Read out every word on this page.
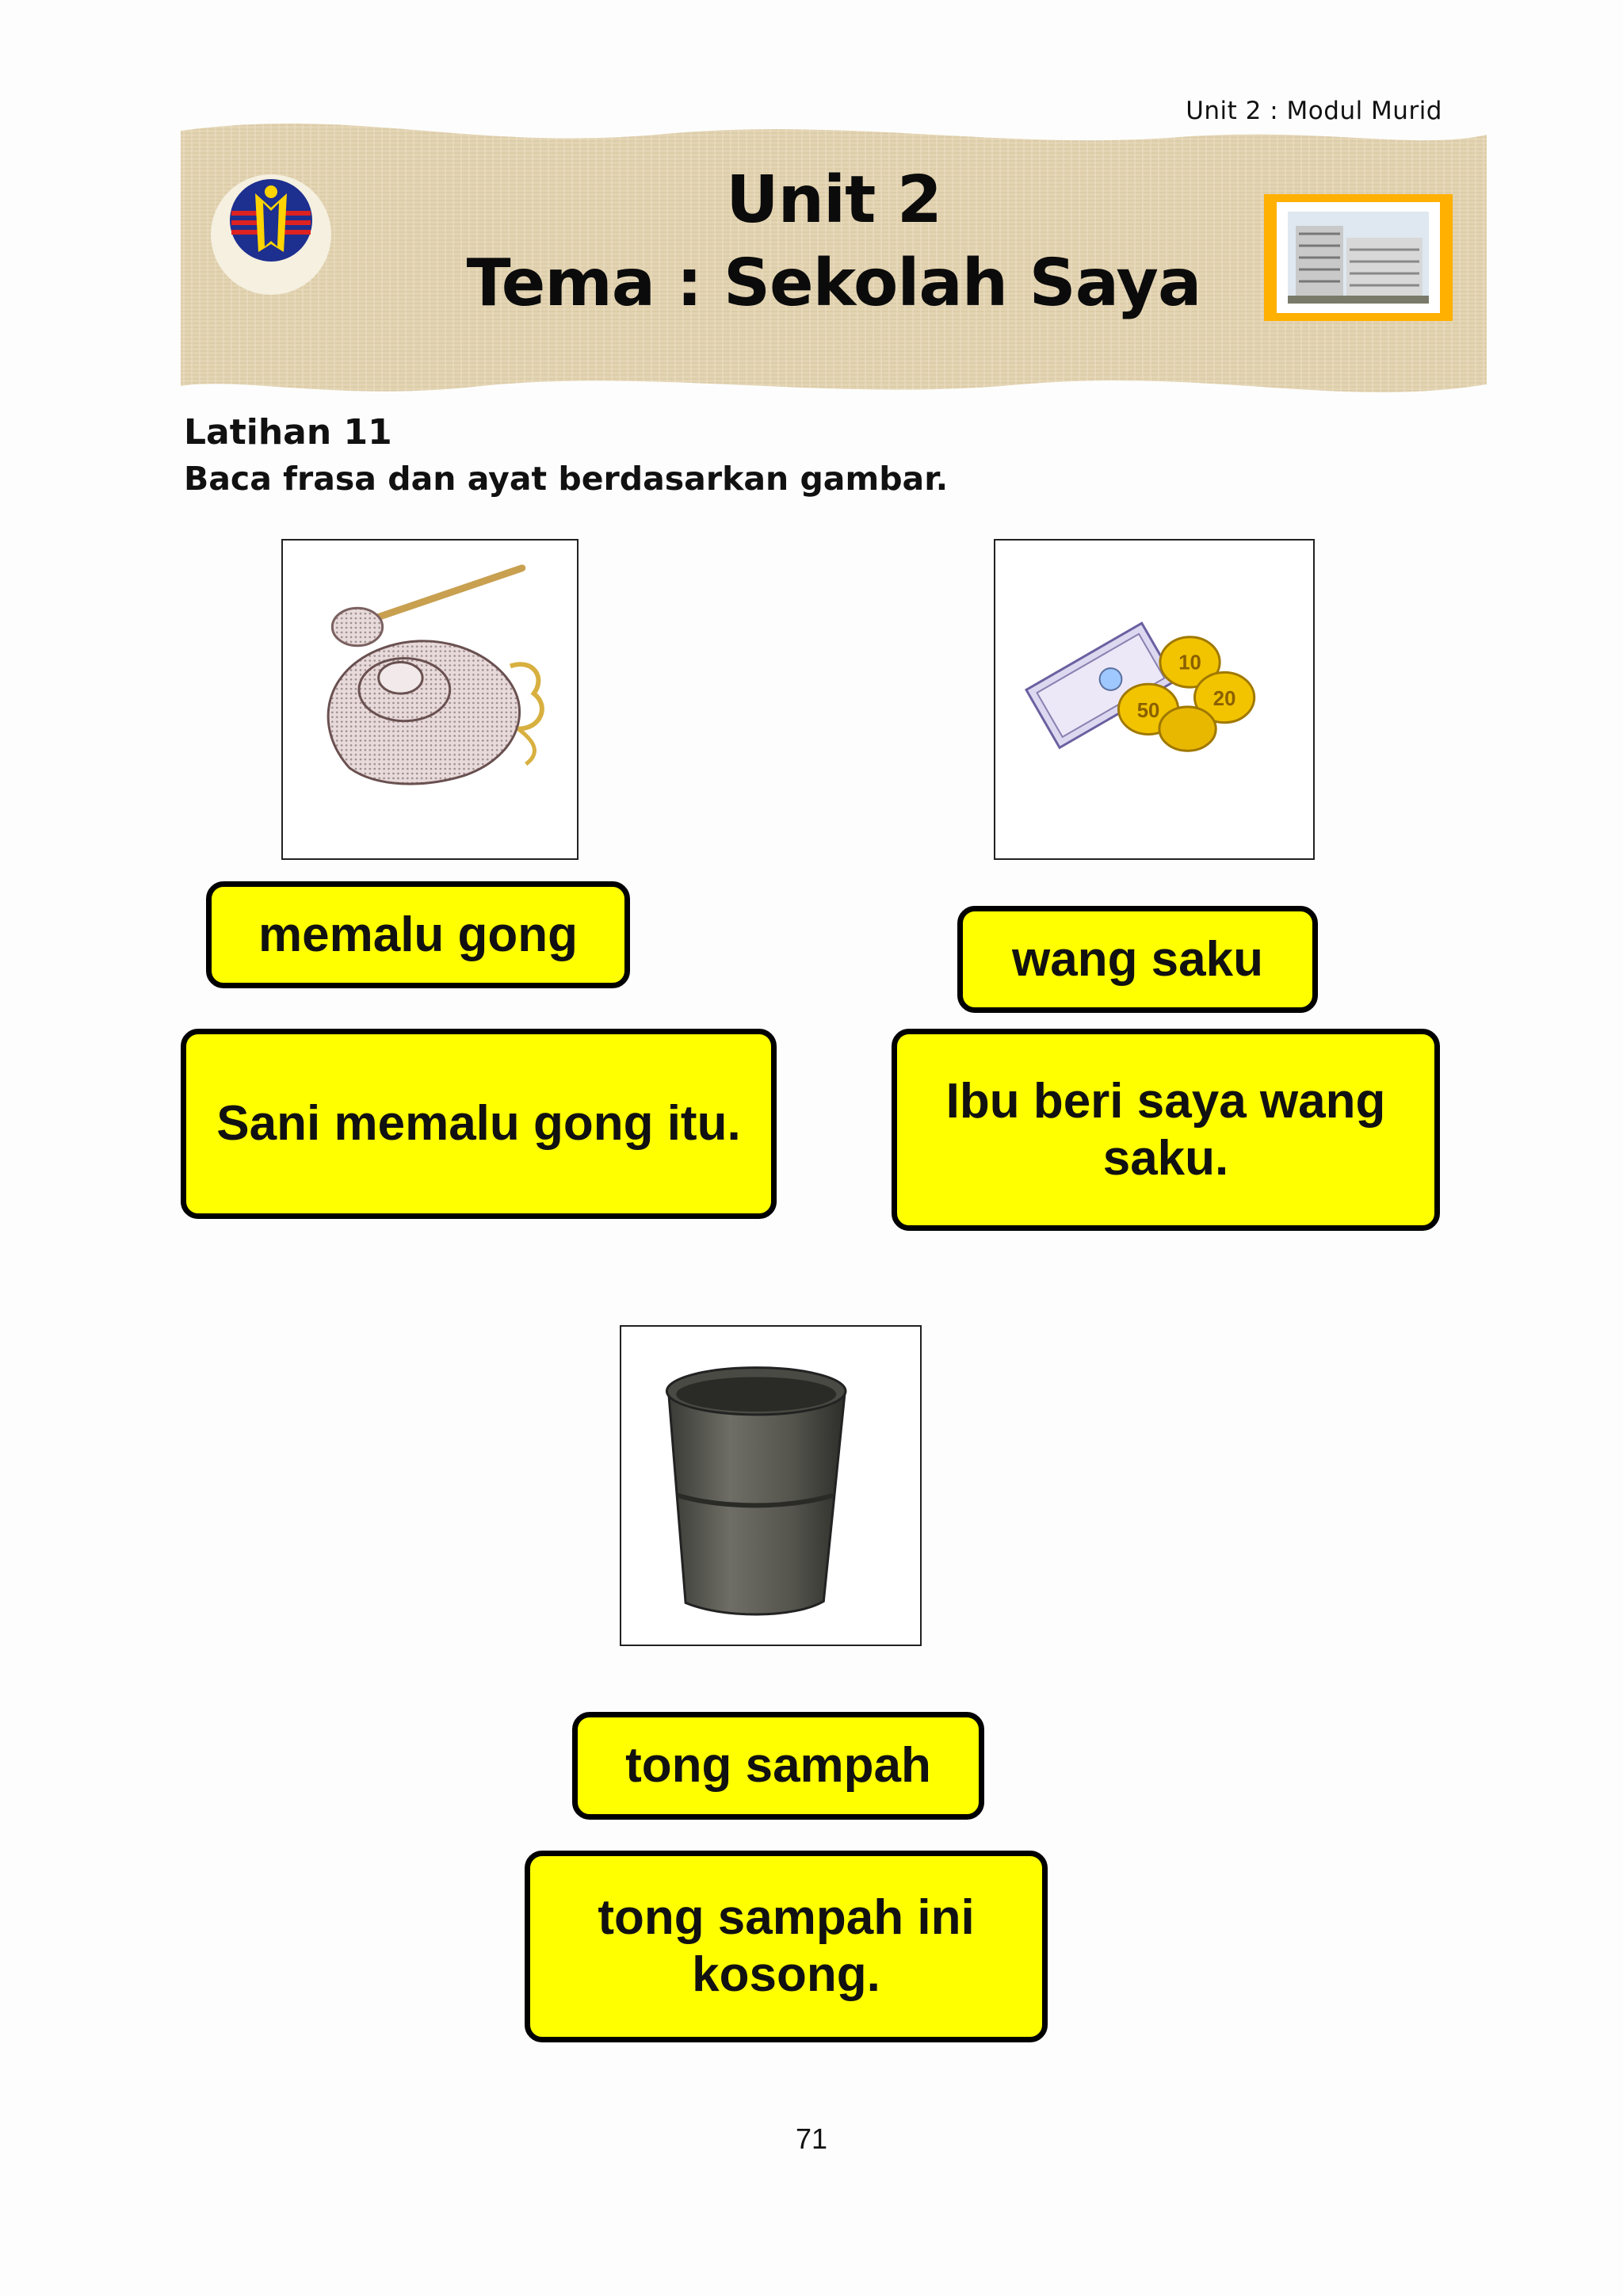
Unit 2 : Modul Murid
Unit 2
Tema : Sekolah Saya
Latihan 11
Baca frasa dan ayat berdasarkan gambar.
memalu gong
Sani memalu gong itu.
10
20
50
wang saku
Ibu beri saya wang saku.
tong sampah
tong sampah ini kosong.
71
